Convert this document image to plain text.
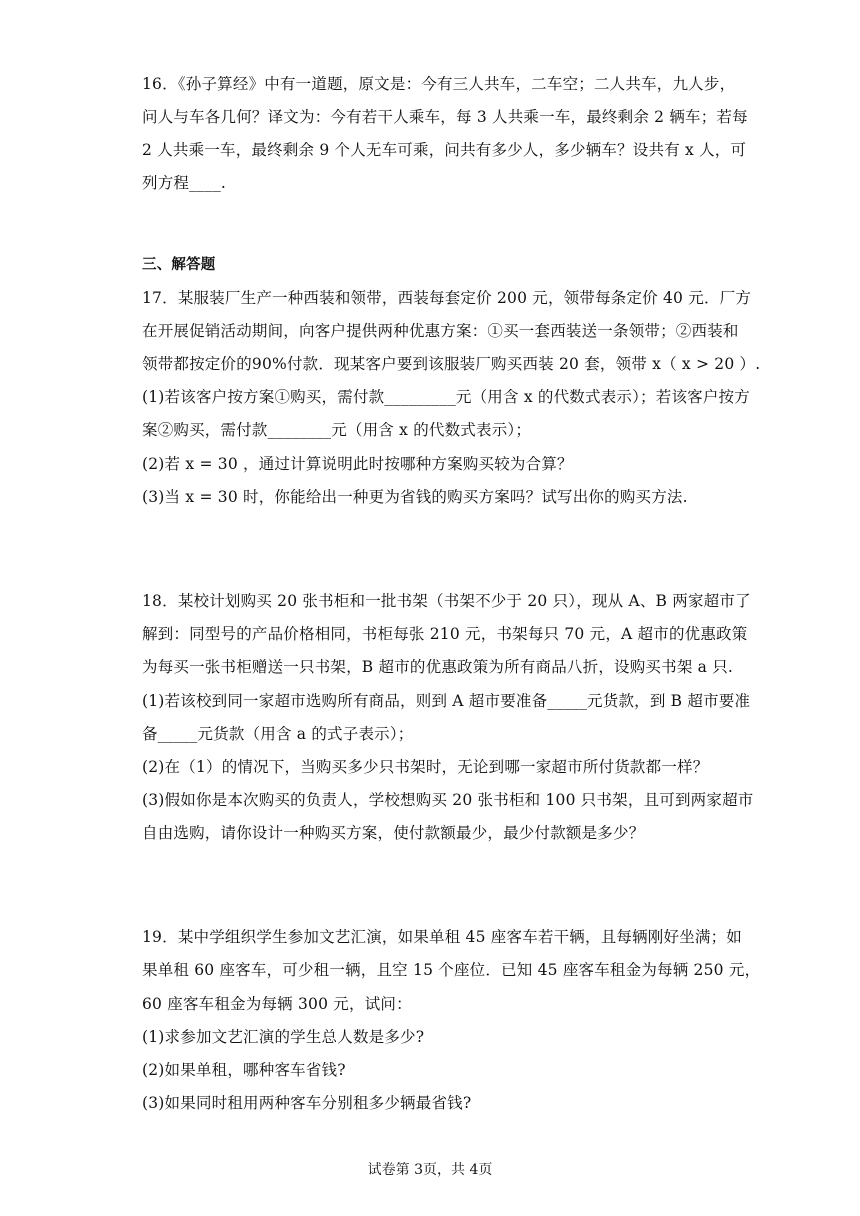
16．《孙子算经》中有一道题，原文是：今有三人共车，二车空；二人共车，九人步，
问人与车各几何？译文为：今有若干人乘车，每 3 人共乘一车，最终剩余 2 辆车；若每
2 人共乘一车，最终剩余 9 个人无车可乘，问共有多少人，多少辆车？设共有 x 人，可
列方程____.
三、解答题
17．某服装厂生产一种西装和领带，西装每套定价 200 元，领带每条定价 40 元．厂方
在开展促销活动期间，向客户提供两种优惠方案：①买一套西装送一条领带；②西装和
领带都按定价的90%付款．现某客户要到该服装厂购买西装 20 套，领带 x（ x > 20 ）.
(1)若该客户按方案①购买，需付款_________元（用含 x 的代数式表示）；若该客户按方
案②购买，需付款________元（用含 x 的代数式表示）；
(2)若 x = 30 ，通过计算说明此时按哪种方案购买较为合算？
(3)当 x = 30 时，你能给出一种更为省钱的购买方案吗？试写出你的购买方法.
18．某校计划购买 20 张书柜和一批书架（书架不少于 20 只），现从 A、B 两家超市了
解到：同型号的产品价格相同，书柜每张 210 元，书架每只 70 元，A 超市的优惠政策
为每买一张书柜赠送一只书架，B 超市的优惠政策为所有商品八折，设购买书架 a 只.
(1)若该校到同一家超市选购所有商品，则到 A 超市要准备_____元货款，到 B 超市要准
备_____元货款（用含 a 的式子表示）；
(2)在（1）的情况下，当购买多少只书架时，无论到哪一家超市所付货款都一样？
(3)假如你是本次购买的负责人，学校想购买 20 张书柜和 100 只书架，且可到两家超市
自由选购，请你设计一种购买方案，使付款额最少，最少付款额是多少？
19．某中学组织学生参加文艺汇演，如果单租 45 座客车若干辆，且每辆刚好坐满；如
果单租 60 座客车，可少租一辆，且空 15 个座位．已知 45 座客车租金为每辆 250 元，
60 座客车租金为每辆 300 元，试问：
(1)求参加文艺汇演的学生总人数是多少?
(2)如果单租，哪种客车省钱?
(3)如果同时租用两种客车分别租多少辆最省钱?
试卷第 3页，共 4页
